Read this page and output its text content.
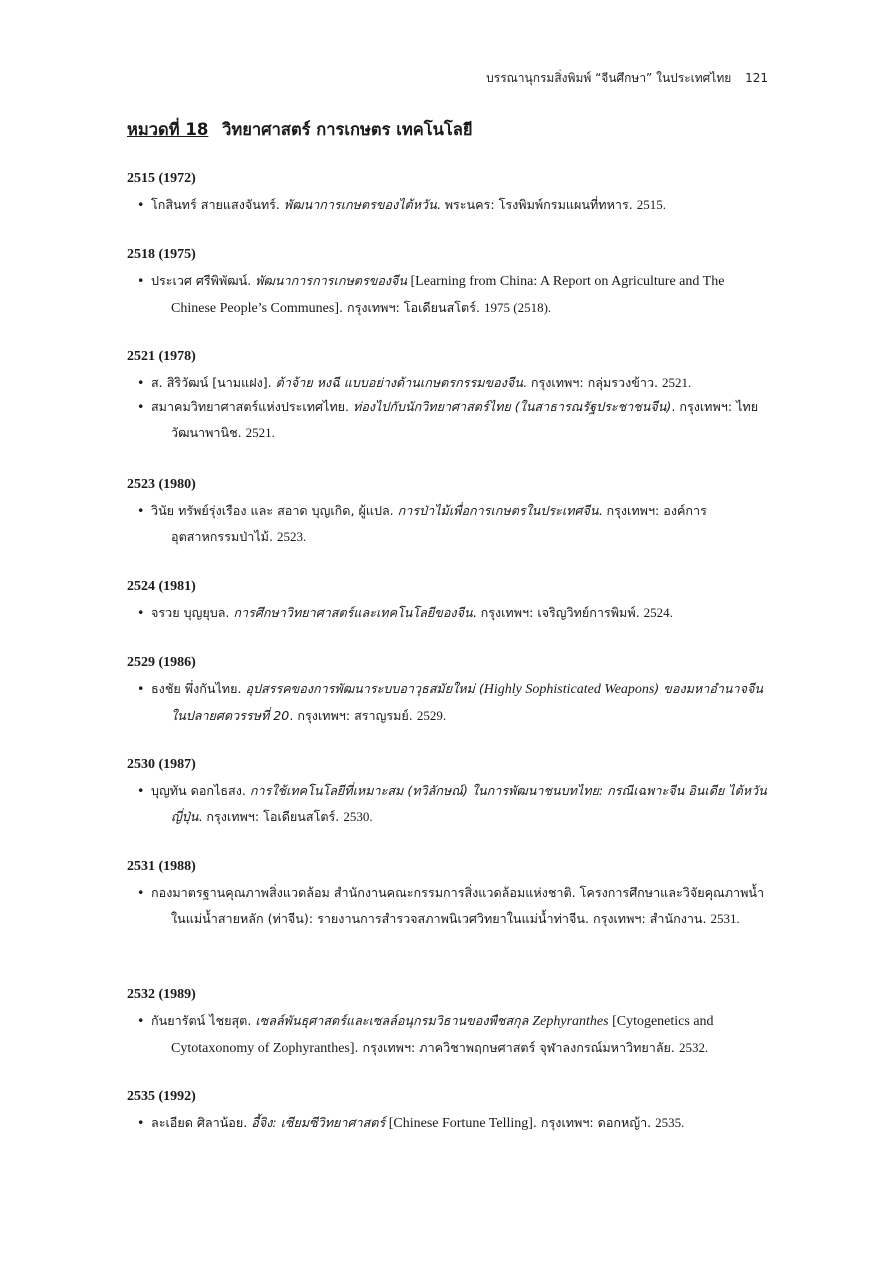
บรรณานุกรมสิ่งพิมพ์ “จีนศึกษา” ในประเทศไทย 121
หมวดที่ 18 วิทยาศาสตร์ การเกษตร เทคโนโลยี
2515 (1972)
• โกสินทร์ สายแสงจันทร์. พัฒนาการเกษตรของไต้หวัน. พระนคร: โรงพิมพ์กรมแผนที่ทหาร. 2515.
2518 (1975)
• ประเวศ ศรีพิพัฒน์. พัฒนาการการเกษตรของจีน [Learning from China: A Report on Agriculture and The Chinese People’s Communes]. กรุงเทพฯ: โอเดียนสโตร์. 1975 (2518).
2521 (1978)
• ส. สิริวัฒน์ [นามแฝง]. ต้าจ้าย หงฉี แบบอย่างด้านเกษตรกรรมของจีน. กรุงเทพฯ: กลุ่มรวงข้าว. 2521.
• สมาคมวิทยาศาสตร์แห่งประเทศไทย. ท่องไปกับนักวิทยาศาสตร์ไทย (ในสาธารณรัฐประชาชนจีน). กรุงเทพฯ: ไทยวัฒนาพานิช. 2521.
2523 (1980)
• วินัย ทรัพย์รุ่งเรือง และ สอาด บุญเกิด, ผู้แปล. การป่าไม้เพื่อการเกษตรในประเทศจีน. กรุงเทพฯ: องค์การอุตสาหกรรมป่าไม้. 2523.
2524 (1981)
• จรวย บุญยุบล. การศึกษาวิทยาศาสตร์และเทคโนโลยีของจีน. กรุงเทพฯ: เจริญวิทย์การพิมพ์. 2524.
2529 (1986)
• ธงชัย พึ่งกันไทย. อุปสรรคของการพัฒนาระบบอาวุธสมัยใหม่ (Highly Sophisticated Weapons) ของมหาอำนาจจีนในปลายศตวรรษที่ 20. กรุงเทพฯ: สราญรมย์. 2529.
2530 (1987)
• บุญทัน ดอกไธสง. การใช้เทคโนโลยีที่เหมาะสม (ทวิลักษณ์) ในการพัฒนาชนบทไทย: กรณีเฉพาะจีน อินเดีย ไต้หวัน ญี่ปุ่น. กรุงเทพฯ: โอเดียนสโตร์. 2530.
2531 (1988)
• กองมาตรฐานคุณภาพสิ่งแวดล้อม สำนักงานคณะกรรมการสิ่งแวดล้อมแห่งชาติ. โครงการศึกษาและวิจัยคุณภาพน้ำในแม่น้ำสายหลัก (ท่าจีน): รายงานการสำรวจสภาพนิเวศวิทยาในแม่น้ำท่าจีน. กรุงเทพฯ: สำนักงาน. 2531.
2532 (1989)
• กันยารัตน์ ไชยสุต. เซลล์พันธุศาสตร์และเซลล์อนุกรมวิธานของพืชสกุล Zephyranthes [Cytogenetics and Cytotaxonomy of Zophyranthes]. กรุงเทพฯ: ภาควิชาพฤกษศาสตร์ จุฬาลงกรณ์มหาวิทยาลัย. 2532.
2535 (1992)
• ละเอียด ศิลาน้อย. อี้จิง: เซียมซีวิทยาศาสตร์ [Chinese Fortune Telling]. กรุงเทพฯ: ดอกหญ้า. 2535.
